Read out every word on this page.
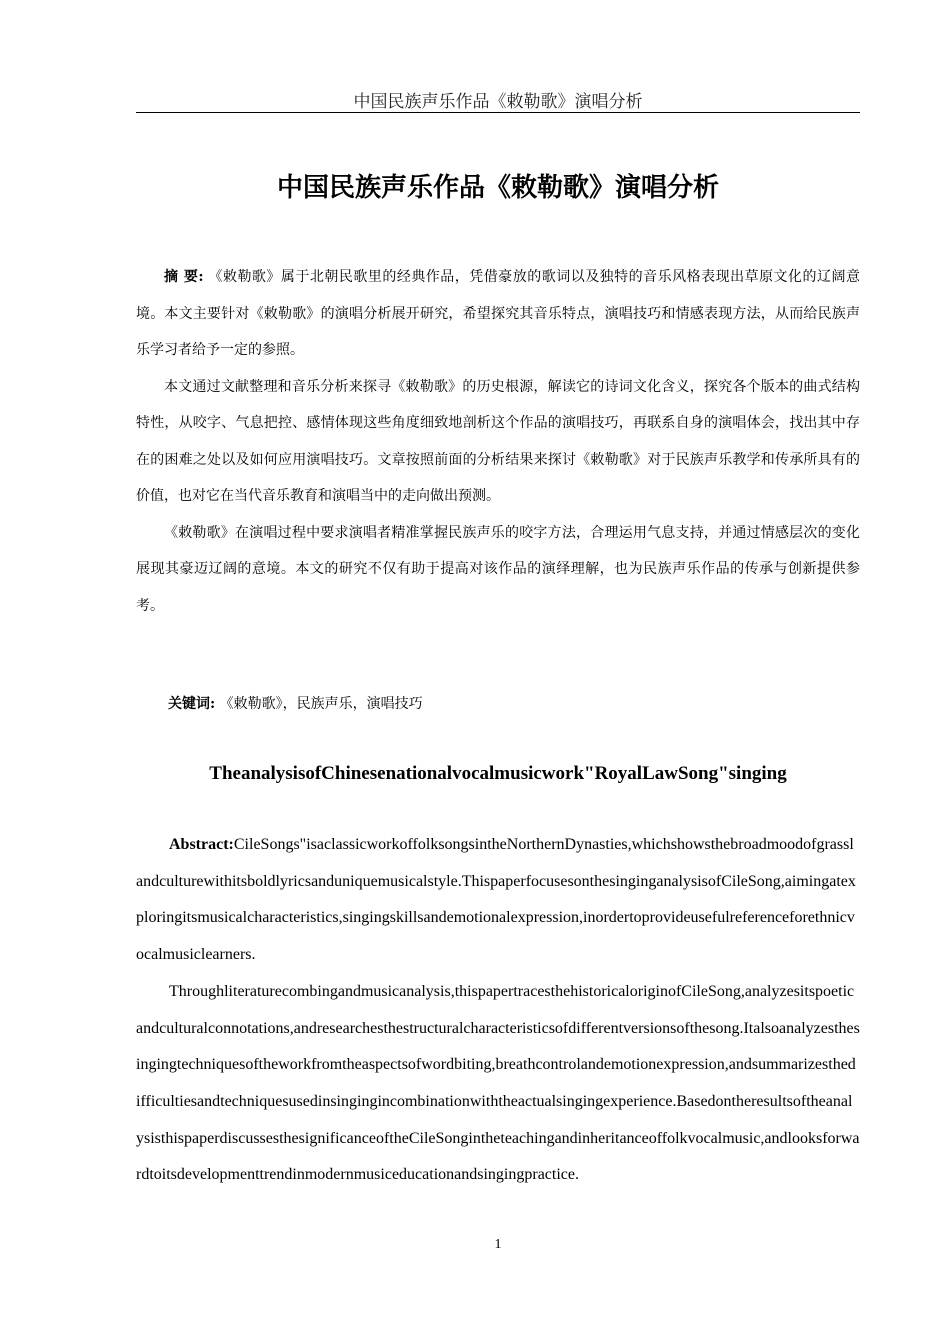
中国民族声乐作品《敕勒歌》演唱分析
中国民族声乐作品《敕勒歌》演唱分析

摘 要: 《敕勒歌》属于北朝民歌里的经典作品，凭借豪放的歌词以及独特的音乐风格表现出草原文化的辽阔意境。本文主要针对《敕勒歌》的演唱分析展开研究，希望探究其音乐特点，演唱技巧和情感表现方法，从而给民族声乐学习者给予一定的参照。

本文通过文献整理和音乐分析来探寻《敕勒歌》的历史根源，解读它的诗词文化含义，探究各个版本的曲式结构特性，从咬字、气息把控、感情体现这些角度细致地剖析这个作品的演唱技巧，再联系自身的演唱体会，找出其中存在的困难之处以及如何应用演唱技巧。文章按照前面的分析结果来探讨《敕勒歌》对于民族声乐教学和传承所具有的价值，也对它在当代音乐教育和演唱当中的走向做出预测。

《敕勒歌》在演唱过程中要求演唱者精准掌握民族声乐的咬字方法，合理运用气息支持，并通过情感层次的变化展现其豪迈辽阔的意境。本文的研究不仅有助于提高对该作品的演绎理解，也为民族声乐作品的传承与创新提供参考。

关键词: 《敕勒歌》，民族声乐，演唱技巧
TheanalysisofChinesenationalvocalmusicwork"RoyalLawSong"singing

Abstract:CileSongs"isaclassicworkoffolksongsintheNorthernDynasties,whichshowsthebroadmoodofgrasslandculturewithitsboldlyricsanduniquemusicalstyle.ThispaperfocusesonthesinginganalysisofCileSong,aimingatexploringitsmusicalcharacteristics,singingskillsandemotionalexpression,inordertoprovideusefulreferenceforethnicvocalmusiclearners.

Throughliteraturecombingandmusicanalysis,thispapertracesthehistoricaloriginofCileSong,analyzesitspoeticandculturalconnotations,andresearchesthestructuralcharacteristicsofdifferentversionsofthesong.Italsoanalyzesthesingingtechniquesoftheworkfromtheaspectsofwordbiting,breathcontrolandemotionexpression,andsummarizesthedifficultiesandtechniquesusedinsingingincombinationwiththeactualsingingexperience.BasedontheresultsoftheanalysisthispaperdiscussesthesignificanceoftheCileSongintheteachingandinheritanceoffolkvocalmusic,andlooksforwardtoitsdevelopmenttrendinmodernmusiceducationandsingingpractice.

1
